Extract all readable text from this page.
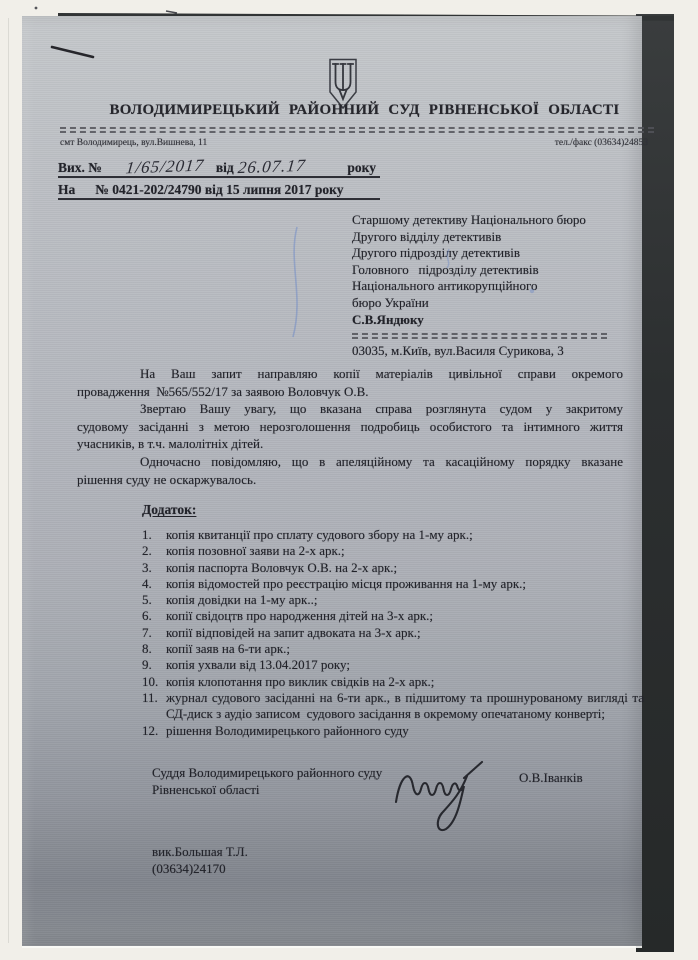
ВОЛОДИМИРЕЦЬКИЙ РАЙОННИЙ СУД РІВНЕНСЬКОЇ ОБЛАСТІ
смт Володимирець, вул.Вишнева, 11	тел./факс (03634)24853
Вих. № 1/65/2017 від 26.07.17	року
На № 0421-202/24790 від 15 липня 2017 року
Старшому детективу Національного бюро
Другого відділу детективів
Другого підрозділу детективів
Головного   підрозділу детективів
Національного антикорупційного
бюро України
С.В.Яндюку
03035, м.Київ, вул.Василя Сурикова, 3
На Ваш запит направляю копії матеріалів цивільної справи окремого
провадження  №565/552/17 за заявою Воловчук О.В.
Звертаю Вашу увагу, що вказана справа розглянута судом у закритому
судовому засіданні з метою нерозголошення подробиць особистого та інтимного життя
учасників, в т.ч. малолітніх дітей.
Одночасно повідомляю, що в апеляційному та касаційному порядку вказане
рішення суду не оскаржувалось.
Додаток:
1.	копія квитанції про сплату судового збору на 1-му арк.;
2.	копія позовної заяви на 2-х арк.;
3.	копія паспорта Воловчук О.В. на 2-х арк.;
4.	копія відомостей про реєстрацію місця проживання на 1-му арк.;
5.	копія довідки на 1-му арк..;
6.	копії свідоцтв про народження дітей на 3-х арк.;
7.	копії відповідей на запит адвоката на 3-х арк.;
8.	копії заяв на 6-ти арк.;
9.	копія ухвали від 13.04.2017 року;
10. копія клопотання про виклик свідків на 2-х арк.;
11. журнал судового засіданні на 6-ти арк., в підшитому та прошнурованому вигляді та СД-диск з аудіо записом  судового засідання в окремому опечатаному конверті;
12. рішення Володимирецького районного суду
Суддя Володимирецького районного суду
Рівненської області
О.В.Іванків
вик.Большая Т.Л.
(03634)24170
